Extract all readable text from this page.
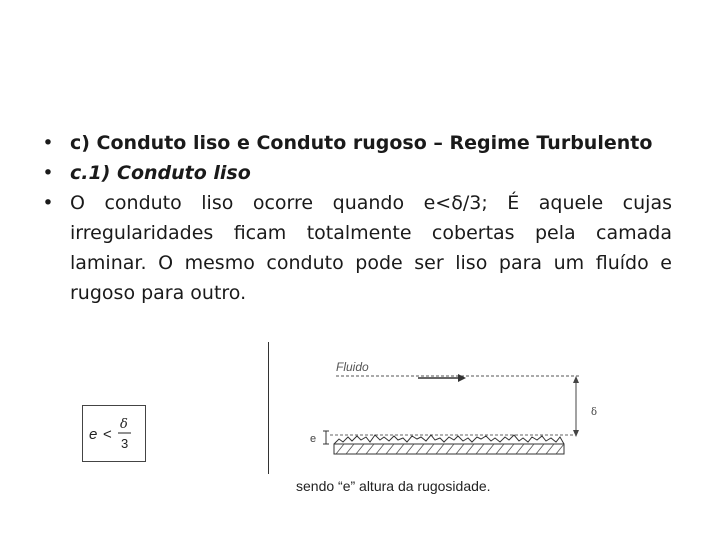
• c) Conduto liso e Conduto rugoso – Regime Turbulento
• c.1) Conduto liso
• O conduto liso ocorre quando e<δ/3; É aquele cujas irregularidades ficam totalmente cobertas pela camada laminar. O mesmo conduto pode ser liso para um fluído e rugoso para outro.
e <
δ
3
Fluido
δ
e
sendo “e” altura da rugosidade.
